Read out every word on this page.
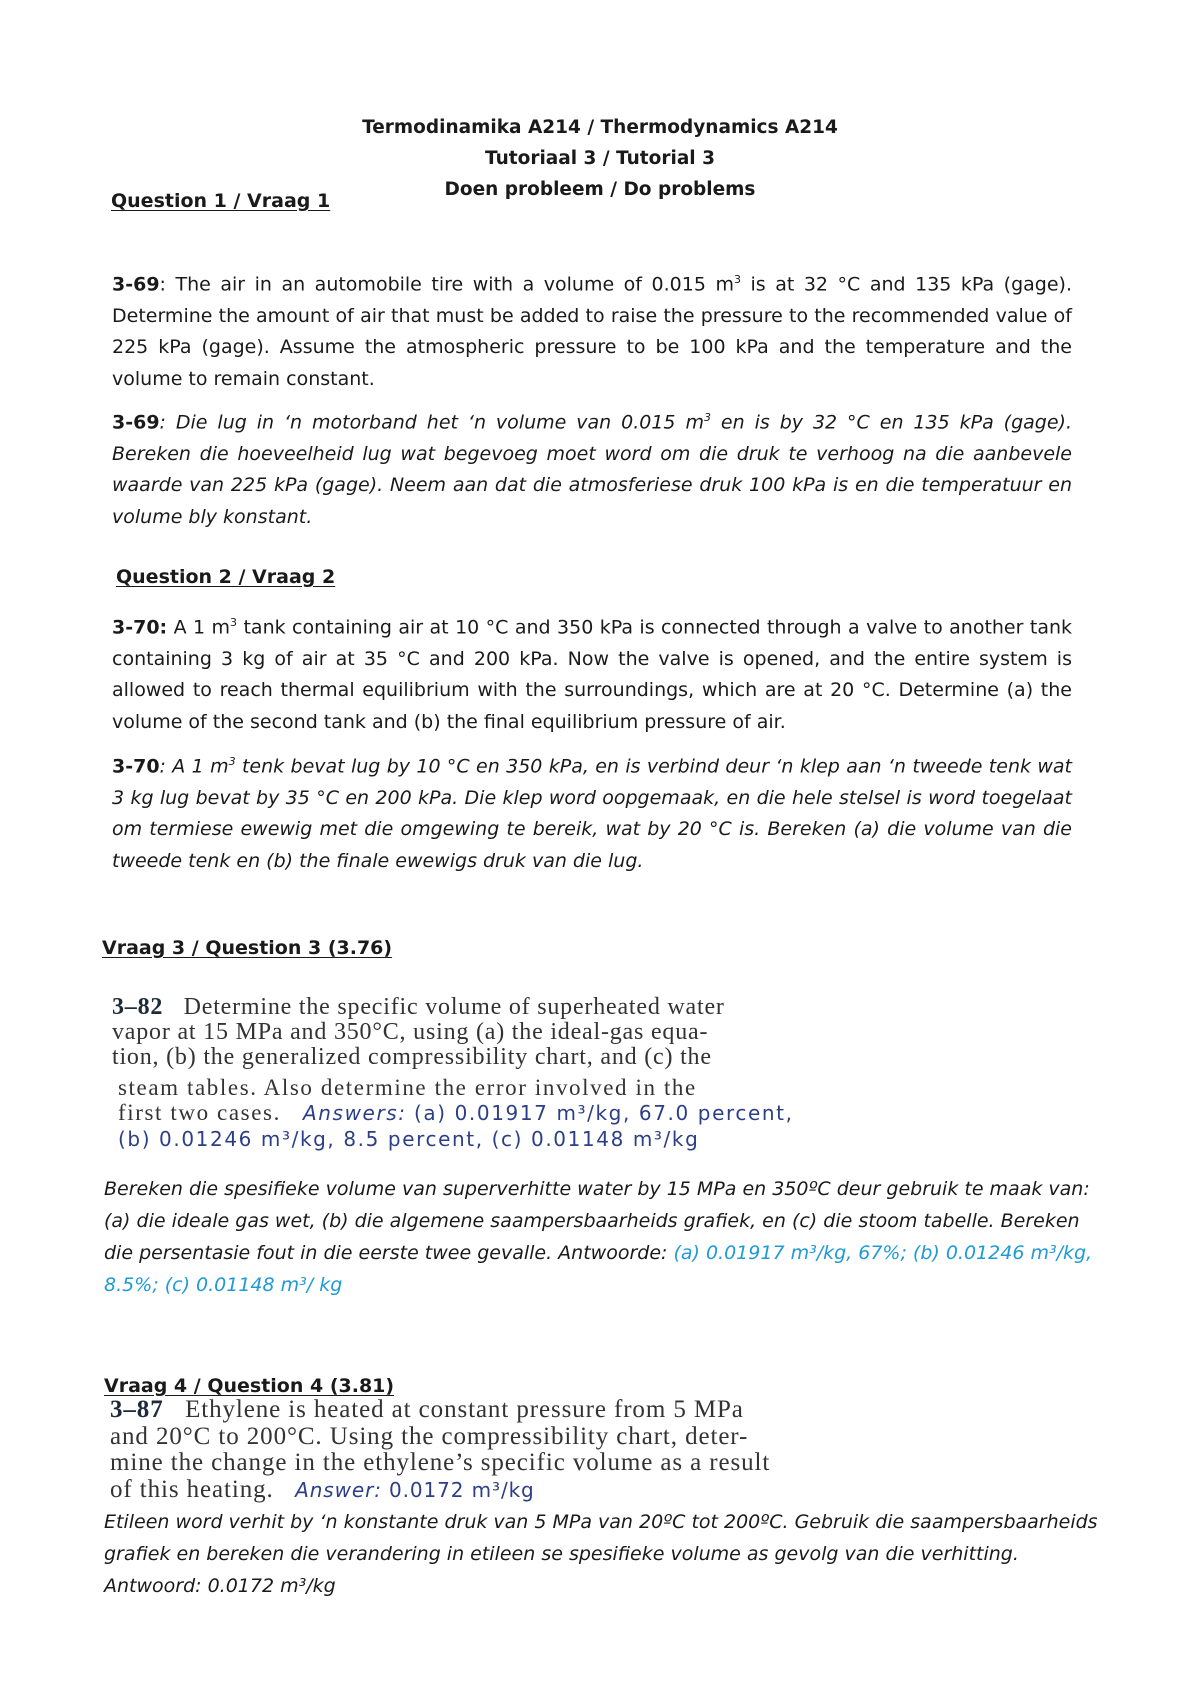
Termodinamika A214 / Thermodynamics A214
Tutoriaal 3 / Tutorial 3
Doen probleem / Do problems
Question 1 / Vraag 1
3-69: The air in an automobile tire with a volume of 0.015 $m^3$ is at 32 °C and 135 kPa (gage). Determine the amount of air that must be added to raise the pressure to the recommended value of 225 kPa (gage). Assume the atmospheric pressure to be 100 kPa and the temperature and the volume to remain constant.
3-69: Die lug in ‘n motorband het ‘n volume van 0.015 $m^3$ en is by 32 °C en 135 kPa (gage). Bereken die hoeveelheid lug wat begevoeg moet word om die druk te verhoog na die aanbevele waarde van 225 kPa (gage). Neem aan dat die atmosferiese druk 100 kPa is en die temperatuur en volume bly konstant.
Question 2 / Vraag 2
3-70: A 1 $m^3$ tank containing air at 10 °C and 350 kPa is connected through a valve to another tank containing 3 kg of air at 35 °C and 200 kPa. Now the valve is opened, and the entire system is allowed to reach thermal equilibrium with the surroundings, which are at 20 °C. Determine (a) the volume of the second tank and (b) the final equilibrium pressure of air.
3-70: A 1 $m^3$ tenk bevat lug by 10 °C en 350 kPa, en is verbind deur ‘n klep aan ‘n tweede tenk wat 3 kg lug bevat by 35 °C en 200 kPa. Die klep word oopgemaak, en die hele stelsel is word toegelaat om termiese ewewig met die omgewing te bereik, wat by 20 °C is. Bereken (a) die volume van die tweede tenk en (b) the finale ewewigs druk van die lug.
Vraag 3 / Question 3 (3.76)
3–82 Determine the specific volume of superheated water
vapor at 15 MPa and 350°C, using (a) the ideal-gas equa-
tion, (b) the generalized compressibility chart, and (c) the
steam tables. Also determine the error involved in the
first two cases. Answers: (a) 0.01917 m³/kg, 67.0 percent,
(b) 0.01246 m³/kg, 8.5 percent, (c) 0.01148 m³/kg
Bereken die spesifieke volume van superverhitte water by 15 MPa en 350ºC deur gebruik te maak van: (a) die ideale gas wet, (b) die algemene saampersbaarheids grafiek, en (c) die stoom tabelle. Bereken die persentasie fout in die eerste twee gevalle. Antwoorde: (a) 0.01917 m³/kg, 67%; (b) 0.01246 m³/kg, 8.5%; (c) 0.01148 m³/ kg
Vraag 4 / Question 4 (3.81)
3–87 Ethylene is heated at constant pressure from 5 MPa
and 20°C to 200°C. Using the compressibility chart, deter-
mine the change in the ethylene’s specific volume as a result
of this heating. Answer: 0.0172 m³/kg
Etileen word verhit by ‘n konstante druk van 5 MPa van 20ºC tot 200ºC. Gebruik die saampersbaarheids grafiek en bereken die verandering in etileen se spesifieke volume as gevolg van die verhitting. Antwoord: 0.0172 m³/kg
